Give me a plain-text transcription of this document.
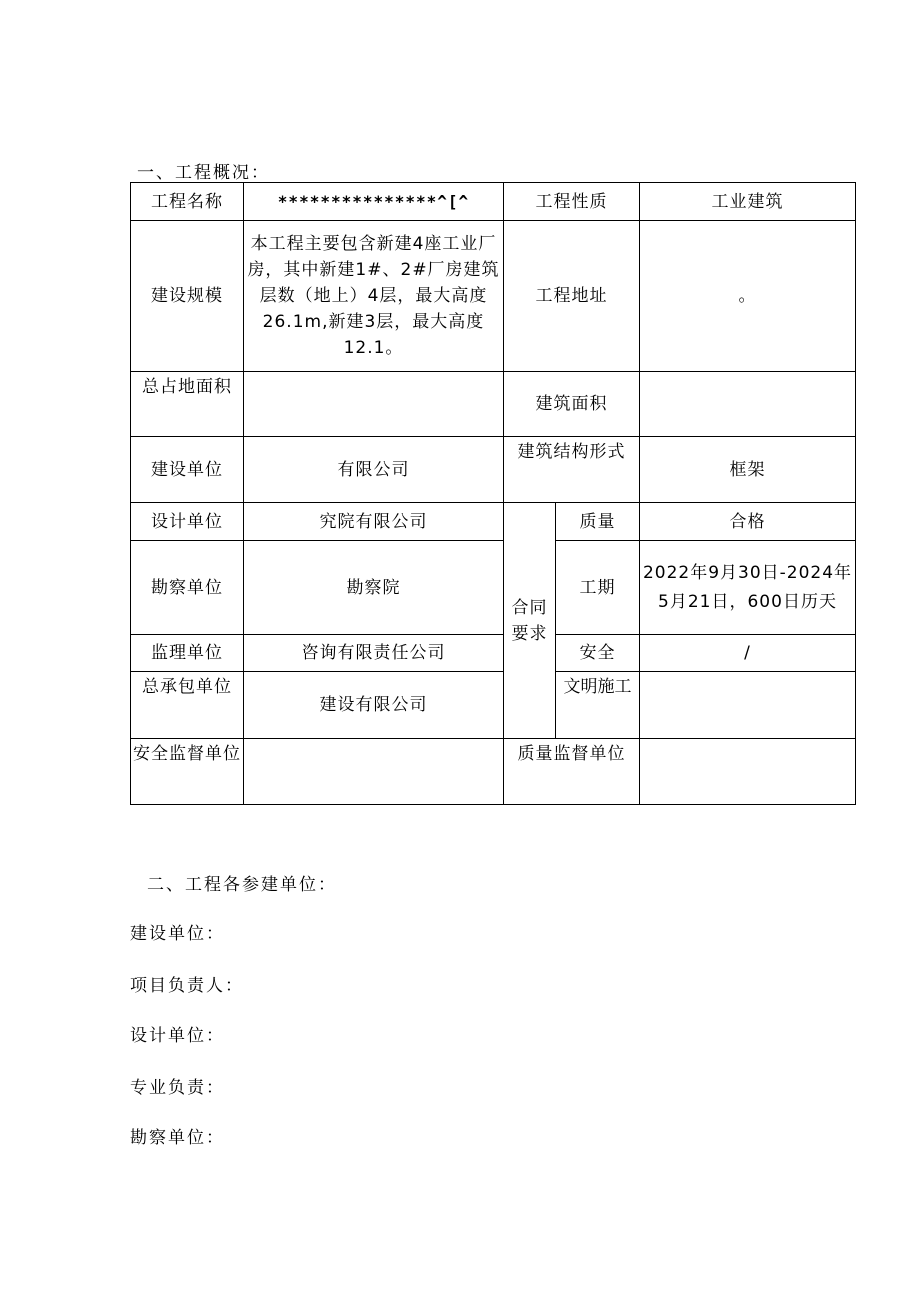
一、工程概况：
工程名称	***************^[^	工程性质		工业建筑
建设规模	本工程主要包含新建4座工业厂房，其中新建1#、2#厂房建筑层数（地上）4层，最大高度26.1m,新建3层，最大高度12.1。	工程地址		。
总占地面积		建筑面积		
建设单位	有限公司	建筑结构形式		框架
设计单位	究院有限公司	合同要求	质量	合格
勘察单位	勘察院		工期	2022年9月30日-2024年5月21日，600日历天
监理单位	咨询有限责任公司		安全	/
总承包单位	建设有限公司		文明施工	
安全监督单位		质量监督单位		
二、工程各参建单位：
建设单位：
项目负责人：
设计单位：
专业负责：
勘察单位：
